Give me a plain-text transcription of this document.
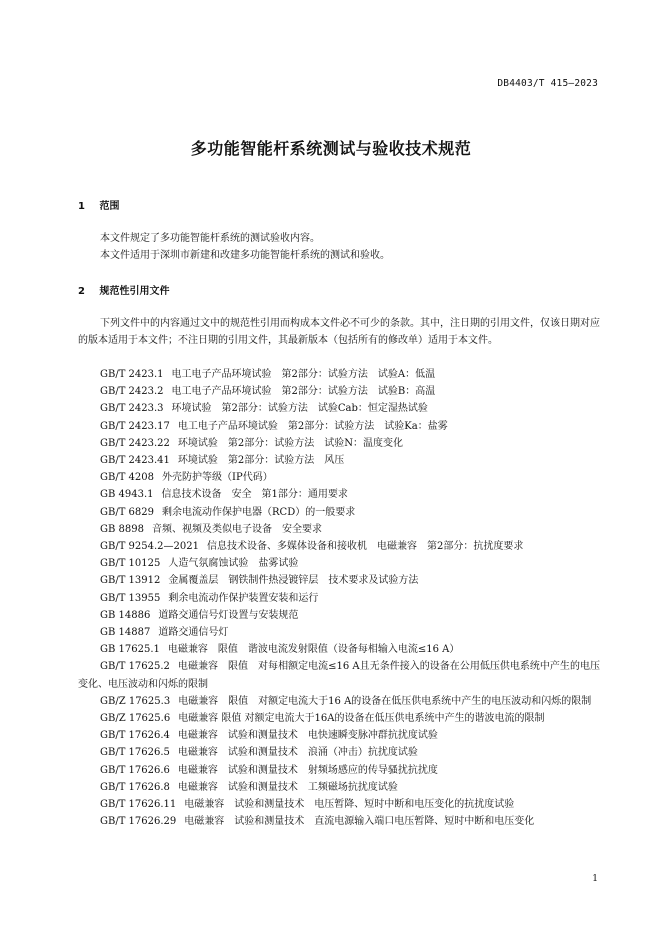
DB4403/T 415—2023
多功能智能杆系统测试与验收技术规范
1 范围
本文件规定了多功能智能杆系统的测试验收内容。
本文件适用于深圳市新建和改建多功能智能杆系统的测试和验收。
2 规范性引用文件
下列文件中的内容通过文中的规范性引用而构成本文件必不可少的条款。其中，注日期的引用文件，仅该日期对应的版本适用于本文件；不注日期的引用文件，其最新版本（包括所有的修改单）适用于本文件。
GB/T 2423.1 电工电子产品环境试验　第2部分：试验方法　试验A：低温
GB/T 2423.2 电工电子产品环境试验　第2部分：试验方法　试验B：高温
GB/T 2423.3 环境试验　第2部分：试验方法　试验Cab：恒定湿热试验
GB/T 2423.17 电工电子产品环境试验　第2部分：试验方法　试验Ka：盐雾
GB/T 2423.22 环境试验　第2部分：试验方法　试验N：温度变化
GB/T 2423.41 环境试验　第2部分：试验方法　风压
GB/T 4208 外壳防护等级（IP代码）
GB 4943.1 信息技术设备　安全　第1部分：通用要求
GB/T 6829 剩余电流动作保护电器（RCD）的一般要求
GB 8898 音频、视频及类似电子设备　安全要求
GB/T 9254.2—2021 信息技术设备、多媒体设备和接收机　电磁兼容　第2部分：抗扰度要求
GB/T 10125 人造气氛腐蚀试验　盐雾试验
GB/T 13912 金属覆盖层　钢铁制件热浸镀锌层　技术要求及试验方法
GB/T 13955 剩余电流动作保护装置安装和运行
GB 14886 道路交通信号灯设置与安装规范
GB 14887 道路交通信号灯
GB 17625.1 电磁兼容　限值　谐波电流发射限值（设备每相输入电流≤16 A）
GB/T 17625.2 电磁兼容　限值　对每相额定电流≤16 A且无条件接入的设备在公用低压供电系统中产生的电压变化、电压波动和闪烁的限制
GB/Z 17625.3 电磁兼容　限值　对额定电流大于16 A的设备在低压供电系统中产生的电压波动和闪烁的限制
GB/Z 17625.6 电磁兼容 限值 对额定电流大于16A的设备在低压供电系统中产生的谐波电流的限制
GB/T 17626.4 电磁兼容　试验和测量技术　电快速瞬变脉冲群抗扰度试验
GB/T 17626.5 电磁兼容　试验和测量技术　浪涌（冲击）抗扰度试验
GB/T 17626.6 电磁兼容　试验和测量技术　射频场感应的传导骚扰抗扰度
GB/T 17626.8 电磁兼容　试验和测量技术　工频磁场抗扰度试验
GB/T 17626.11 电磁兼容　试验和测量技术　电压暂降、短时中断和电压变化的抗扰度试验
GB/T 17626.29 电磁兼容　试验和测量技术　直流电源输入端口电压暂降、短时中断和电压变化
1
